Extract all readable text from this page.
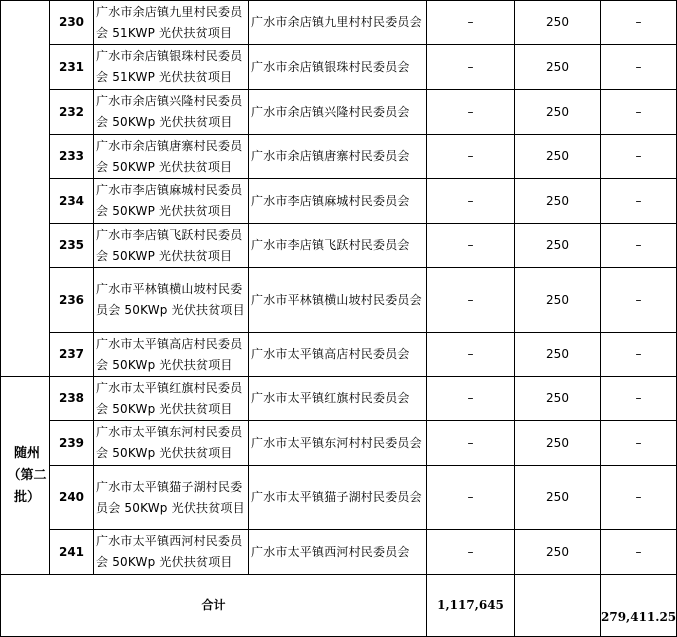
	230	广水市余店镇九里村民委员会 51KWP 光伏扶贫项目	广水市余店镇九里村村民委员会	–	250	–
	231	广水市余店镇银珠村民委员会 51KWP 光伏扶贫项目	广水市余店镇银珠村民委员会	–	250	–
	232	广水市余店镇兴隆村民委员会 50KWp 光伏扶贫项目	广水市余店镇兴隆村民委员会	–	250	–
	233	广水市余店镇唐寨村民委员会 50KWP 光伏扶贫项目	广水市余店镇唐寨村民委员会	–	250	–
	234	广水市李店镇麻城村民委员会 50KWP 光伏扶贫项目	广水市李店镇麻城村民委员会	–	250	–
	235	广水市李店镇飞跃村民委员会 50KWP 光伏扶贫项目	广水市李店镇飞跃村民委员会	–	250	–
	236	广水市平林镇横山坡村民委员会 50KWp 光伏扶贫项目	广水市平林镇横山坡村民委员会	–	250	–
	237	广水市太平镇高店村民委员会 50KWp 光伏扶贫项目	广水市太平镇高店村民委员会	–	250	–
随州（第二批）	238	广水市太平镇红旗村民委员会 50KWp 光伏扶贫项目	广水市太平镇红旗村民委员会	–	250	–
	239	广水市太平镇东河村民委员会 50KWp 光伏扶贫项目	广水市太平镇东河村村民委员会	–	250	–
	240	广水市太平镇猫子湖村民委员会 50KWp 光伏扶贫项目	广水市太平镇猫子湖村民委员会	–	250	–
	241	广水市太平镇西河村民委员会 50KWp 光伏扶贫项目	广水市太平镇西河村民委员会	–	250	–
合计				1,117,645		279,411.25
